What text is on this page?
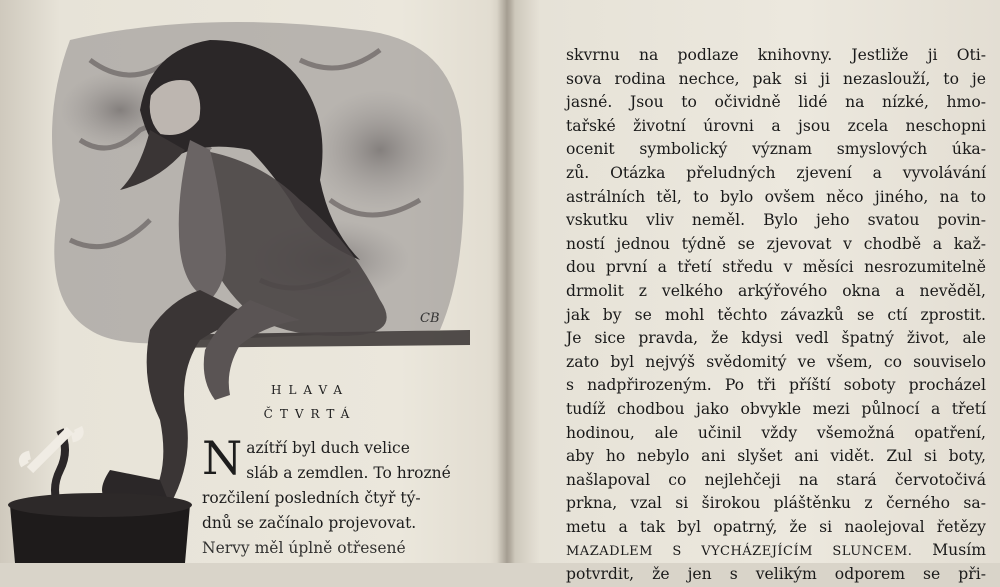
CB
HLAVA
ČTVRTÁ
N azítří byl duch velice
sláb a zemdlen. To hrozné
rozčilení posledních čtyř tý-
dnů se začínalo projevovat.
Nervy měl úplně otřesené
skvrnu na podlaze knihovny. Jestliže ji Oti-
sova rodina nechce, pak si ji nezaslouží, to je
jasné. Jsou to očividně lidé na nízké, hmo-
tařské životní úrovni a jsou zcela neschopni
ocenit symbolický význam smyslových úka-
zů. Otázka přeludných zjevení a vyvolávání
astrálních těl, to bylo ovšem něco jiného, na to
vskutku vliv neměl. Bylo jeho svatou povin-
ností jednou týdně se zjevovat v chodbě a kaž-
dou první a třetí středu v měsíci nesrozumitelně
drmolit z velkého arkýřového okna a nevěděl,
jak by se mohl těchto závazků se ctí zprostit.
Je sice pravda, že kdysi vedl špatný život, ale
zato byl nejvýš svědomitý ve všem, co souviselo
s nadpřirozeným. Po tři příští soboty procházel
tudíž chodbou jako obvykle mezi půlnocí a třetí
hodinou, ale učinil vždy všemožná opatření,
aby ho nebylo ani slyšet ani vidět. Zul si boty,
našlapoval co nejlehčeji na stará červotočivá
prkna, vzal si širokou pláštěnku z černého sa-
metu a tak byl opatrný, že si naolejoval řetězy
MAZADLEM S VYCHÁZEJÍCÍM SLUNCEM. Musím
potvrdit, že jen s velikým odporem se při-
